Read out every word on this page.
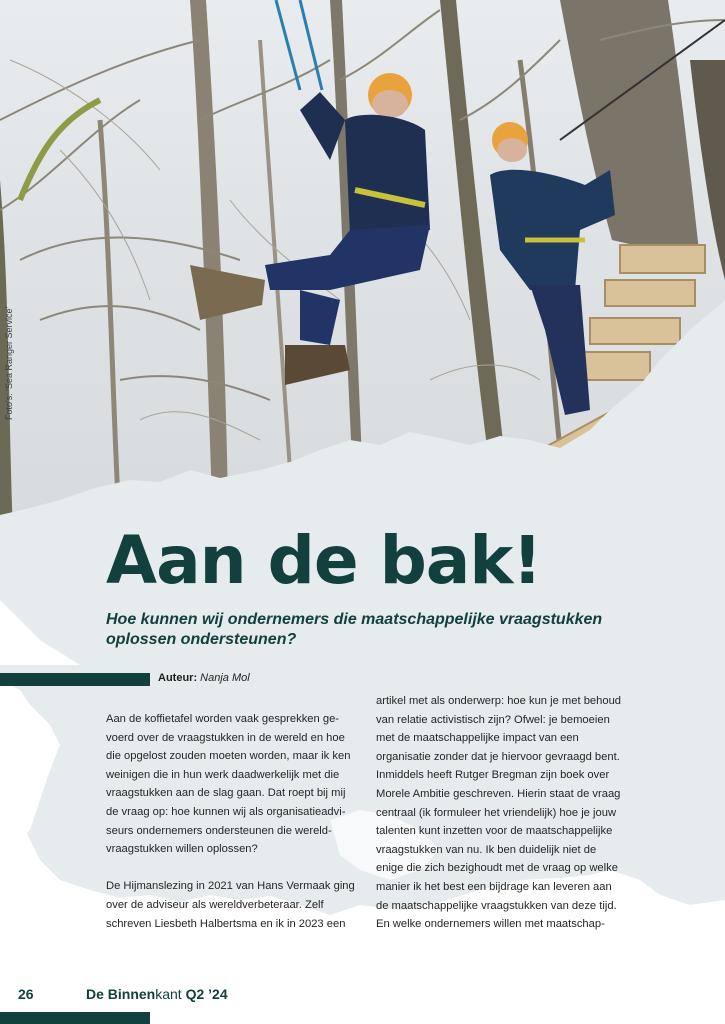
Foto's: 'Sea Ranger Service'
Aan de bak!
Hoe kunnen wij ondernemers die maatschappelijke vraagstukken oplossen ondersteunen?
Auteur: Nanja Mol

Aan de koffietafel worden vaak gesprekken gevoerd over de vraagstukken in de wereld en hoe die opgelost zouden moeten worden, maar ik ken weinigen die in hun werk daadwerkelijk met die vraagstukken aan de slag gaan. Dat roept bij mij de vraag op: hoe kunnen wij als organisatieadviseurs ondernemers ondersteunen die wereldvraagstukken willen oplossen?

De Hijmanslezing in 2021 van Hans Vermaak ging over de adviseur als wereldverbeteraar. Zelf schreven Liesbeth Halbertsma en ik in 2023 een

artikel met als onderwerp: hoe kun je met behoud van relatie activistisch zijn? Ofwel: je bemoeien met de maatschappelijke impact van een organisatie zonder dat je hiervoor gevraagd bent. Inmiddels heeft Rutger Bregman zijn boek over Morele Ambitie geschreven. Hierin staat de vraag centraal (ik formuleer het vriendelijk) hoe je jouw talenten kunt inzetten voor de maatschappelijke vraagstukken van nu. Ik ben duidelijk niet de enige die zich bezighoudt met de vraag op welke manier ik het best een bijdrage kan leveren aan de maatschappelijke vraagstukken van deze tijd. En welke ondernemers willen met maatschap-

26	De Binnenkant Q2 ’24
